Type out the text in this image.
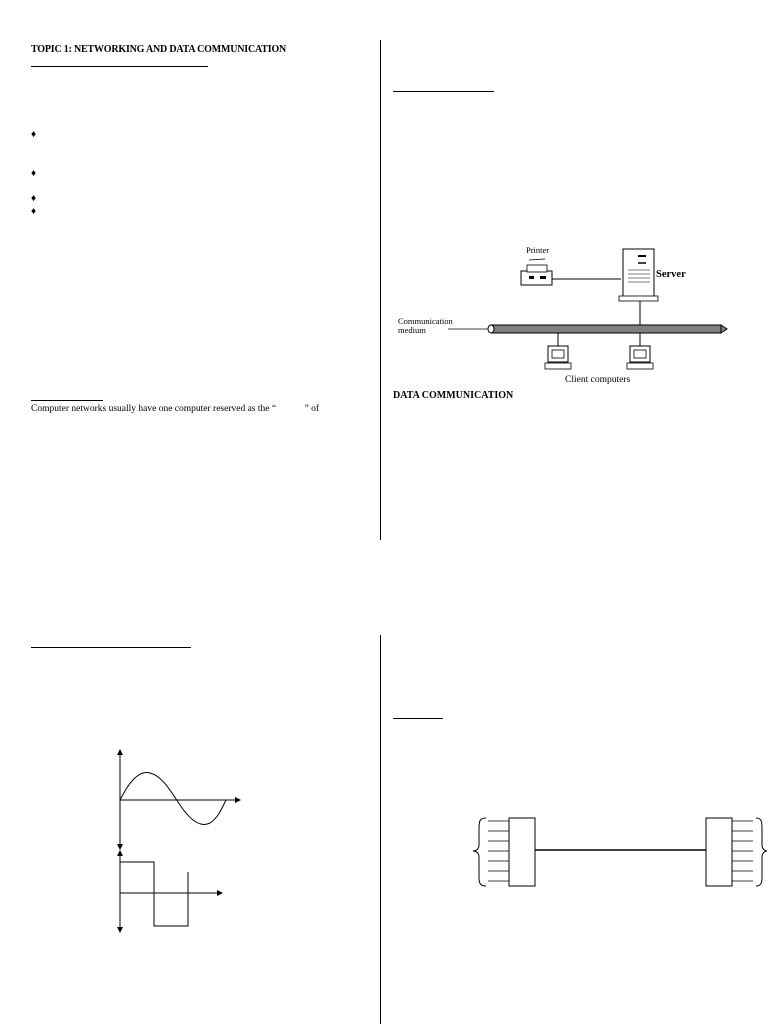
TOPIC 1: NETWORKING AND DATA COMMUNICATION
♦
♦
♦
♦
Computer networks usually have one computer reserved as the “            ” of
Printer
Server
Communication
medium
Client computers
DATA COMMUNICATION
